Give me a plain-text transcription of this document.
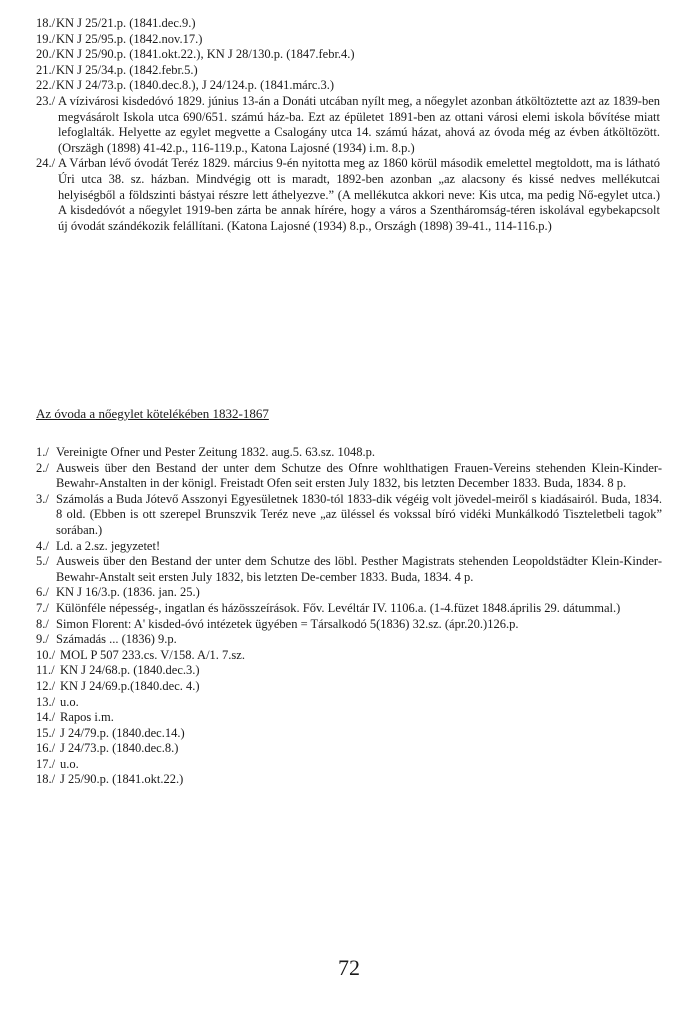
18./ KN J 25/21.p. (1841.dec.9.)
19./ KN J 25/95.p. (1842.nov.17.)
20./ KN J 25/90.p. (1841.okt.22.), KN J 28/130.p. (1847.febr.4.)
21./ KN J 25/34.p. (1842.febr.5.)
22./ KN J 24/73.p. (1840.dec.8.), J 24/124.p. (1841.márc.3.)
23./ A vízivárosi kisdedóvó 1829. június 13-án a Donáti utcában nyílt meg, a nőegylet azonban átköltöztette azt az 1839-ben megvásárolt Iskola utca 690/651. számú ház-ba. Ezt az épületet 1891-ben az ottani városi elemi iskola bővítése miatt lefoglalták. Helyette az egylet megvette a Csalogány utca 14. számú házat, ahová az óvoda még az évben átköltözött. (Orszägh (1898) 41-42.p., 116-119.p., Katona Lajosné (1934) i.m. 8.p.)
24./ A Várban lévő óvodát Teréz 1829. március 9-én nyitotta meg az 1860 körül második emelettel megtoldott, ma is látható Úri utca 38. sz. házban. Mindvégig ott is maradt, 1892-ben azonban „az alacsony és kissé nedves mellékutcai helyiségből a földszinti bástyai részre lett áthelyezve.” (A mellékutca akkori neve: Kis utca, ma pedig Nő-egylet utca.) A kisdedóvót a nőegylet 1919-ben zárta be annak hírére, hogy a város a Szentháromság-téren iskolával egybekapcsolt új óvodát szándékozik felállítani. (Katona Lajosné (1934) 8.p., Országh (1898) 39-41., 114-116.p.)
Az óvoda a nőegylet kötelékében 1832-1867
1./ Vereinigte Ofner und Pester Zeitung 1832. aug.5. 63.sz. 1048.p.
2./ Ausweis über den Bestand der unter dem Schutze des Ofnre wohlthatigen Frauen-Vereins stehenden Klein-Kinder-Bewahr-Anstalten in der königl. Freistadt Ofen seit ersten July 1832, bis letzten December 1833. Buda, 1834. 8 p.
3./ Számolás a Buda Jótevő Asszonyi Egyesületnek 1830-tól 1833-dik végéig volt jövedel-meiről s kiadásairól. Buda, 1834. 8 old. (Ebben is ott szerepel Brunszvik Teréz neve „az üléssel és vokssal bíró vidéki Munkálkodó Tiszteletbeli tagok” sorában.)
4./ Ld. a 2.sz. jegyzetet!
5./ Ausweis über den Bestand der unter dem Schutze des löbl. Pesther Magistrats stehenden Leopoldstädter Klein-Kinder-Bewahr-Anstalt seit ersten July 1832, bis letzten De-cember 1833. Buda, 1834. 4 p.
6./ KN J 16/3.p. (1836. jan. 25.)
7./ Különféle népesség-, ingatlan és házösszeírások. Főv. Levéltár IV. 1106.a. (1-4.füzet 1848.április 29. dátummal.)
8./ Simon Florent: A' kisded-óvó intézetek ügyében = Társalkodó 5(1836) 32.sz. (ápr.20.)126.p.
9./ Számadás ... (1836) 9.p.
10./ MOL P 507 233.cs. V/158. A/1. 7.sz.
11./ KN J 24/68.p. (1840.dec.3.)
12./ KN J 24/69.p.(1840.dec. 4.)
13./ u.o.
14./ Rapos i.m.
15./ J 24/79.p. (1840.dec.14.)
16./ J 24/73.p. (1840.dec.8.)
17./ u.o.
18./ J 25/90.p. (1841.okt.22.)
72
